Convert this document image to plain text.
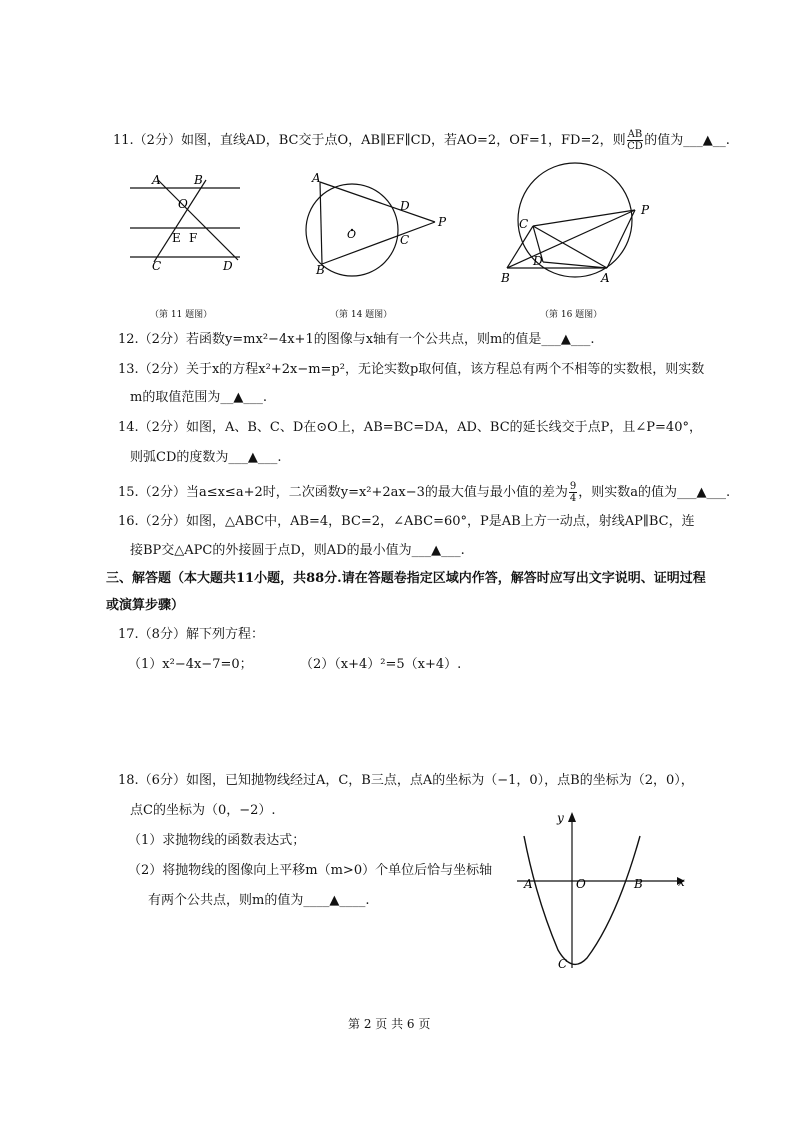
11.（2分）如图，直线AD，BC交于点O，AB∥EF∥CD，若AO=2，OF=1，FD=2，则 $\frac{AB}{CD}$ 的值为___▲__.
A	B
O
E F
C	D
（第 11 题图）
A
D
P
O	C
B
（第 14 题图）
C
P
D
B	A
（第 16 题图）
12.（2分）若函数y=mx²−4x+1的图像与x轴有一个公共点，则m的值是___▲___.
13.（2分）关于x的方程x²+2x−m=p²，无论实数p取何值，该方程总有两个不相等的实数根，则实数
m的取值范围为__▲___.
14.（2分）如图，A、B、C、D在⊙O上，AB=BC=DA，AD、BC的延长线交于点P，且∠P=40°，
则弧CD的度数为___▲___.
15.（2分）当a≤x≤a+2时，二次函数y=x²+2ax−3的最大值与最小值的差为 $\frac{9}{4}$ ，则实数a的值为___▲___.
16.（2分）如图，△ABC中，AB=4，BC=2，∠ABC=60°，P是AB上方一动点，射线AP∥BC，连
接BP交△APC的外接圆于点D，则AD的最小值为___▲___.
三、解答题（本大题共11小题，共88分.请在答题卷指定区域内作答，解答时应写出文字说明、证明过程
或演算步骤）
17.（8分）解下列方程：
（1）x²−4x−7=0；	（2）（x+4）²=5（x+4）.
18.（6分）如图，已知抛物线经过A，C，B三点，点A的坐标为（−1，0），点B的坐标为（2，0），
点C的坐标为（0，−2）.
（1）求抛物线的函数表达式；
（2）将抛物线的图像向上平移m（m>0）个单位后恰与坐标轴
有两个公共点，则m的值为____▲____.
y
x
A	O	B
C
第 2 页 共 6 页
